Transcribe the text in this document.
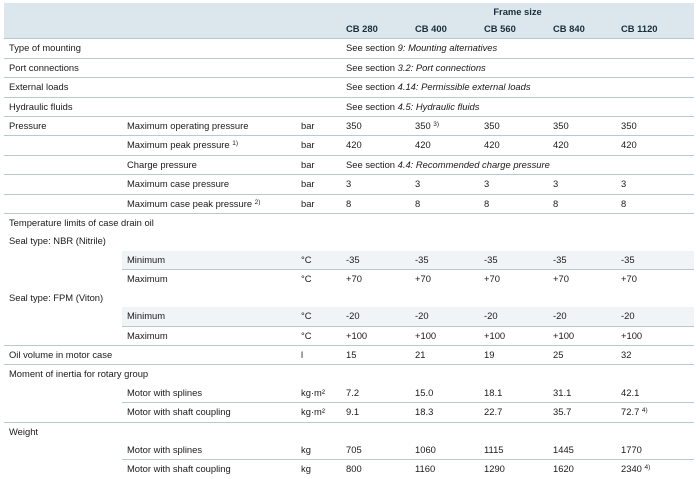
			Frame size				
			CB 280	CB 400	CB 560	CB 840	CB 1120
Type of mounting			See section 9: Mounting alternatives				
Port connections			See section 3.2: Port connections				
External loads			See section 4.14: Permissible external loads				
Hydraulic fluids			See section 4.5: Hydraulic fluids				
Pressure	Maximum operating pressure	bar	350	350 $^{3)}$	350	350	350
	Maximum peak pressure $^{1)}$	bar	420	420	420	420	420
	Charge pressure	bar	See section 4.4: Recommended charge pressure				
	Maximum case pressure	bar	3	3	3	3	3
	Maximum case peak pressure $^{2)}$	bar	8	8	8	8	8
Temperature limits of case drain oil							
Seal type: NBR (Nitrile)							
	Minimum	°C	-35	-35	-35	-35	-35
	Maximum	°C	+70	+70	+70	+70	+70
Seal type: FPM (Viton)							
	Minimum	°C	-20	-20	-20	-20	-20
	Maximum	°C	+100	+100	+100	+100	+100
Oil volume in motor case		l	15	21	19	25	32
Moment of inertia for rotary group							
	Motor with splines	kg·m²	7.2	15.0	18.1	31.1	42.1
	Motor with shaft coupling	kg·m²	9.1	18.3	22.7	35.7	72.7 $^{4)}$
Weight							
	Motor with splines	kg	705	1060	1115	1445	1770
	Motor with shaft coupling	kg	800	1160	1290	1620	2340 $^{4)}$
